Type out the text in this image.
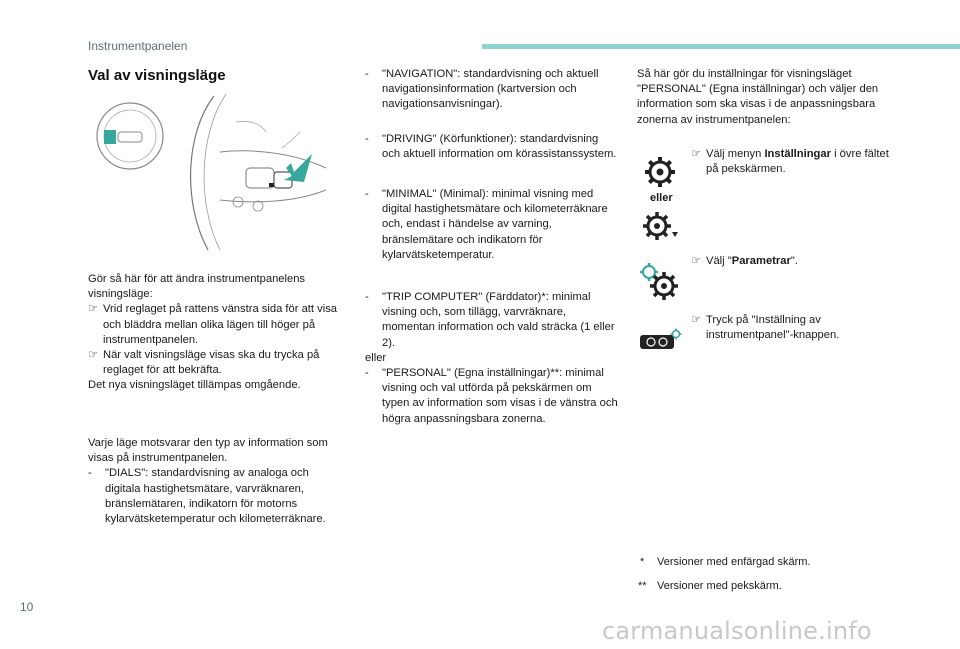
Instrumentpanelen
Val av visningsläge

Gör så här för att ändra instrumentpanelens visningsläge:

☞ Vrid reglaget på rattens vänstra sida för att visa och bläddra mellan olika lägen till höger på instrumentpanelen.

☞ När valt visningsläge visas ska du trycka på reglaget för att bekräfta.

Det nya visningsläget tillämpas omgående.

Varje läge motsvarar den typ av information som visas på instrumentpanelen.

- "DIALS": standardvisning av analoga och digitala hastighetsmätare, varvräknaren, bränslemätaren, indikatorn för motorns kylarvätsketemperatur och kilometerräknare.

- "NAVIGATION": standardvisning och aktuell navigationsinformation (kartversion och navigationsanvisningar).

- "DRIVING" (Körfunktioner): standardvisning och aktuell information om körassistanssystem.

- "MINIMAL" (Minimal): minimal visning med digital hastighetsmätare och kilometerräknare och, endast i händelse av varning, bränslemätare och indikatorn för kylarvätsketemperatur.

- "TRIP COMPUTER" (Färddator)*: minimal visning och, som tillägg, varvräknare, momentan information och vald sträcka (1 eller 2).

eller

- "PERSONAL" (Egna inställningar)**: minimal visning och val utförda på pekskärmen om typen av information som visas i de vänstra och högra anpassningsbara zonerna.

Så här gör du inställningar för visningsläget "PERSONAL" (Egna inställningar) och väljer den information som ska visas i de anpassningsbara zonerna av instrumentpanelen:

☞ Välj menyn Inställningar i övre fältet på pekskärmen.

eller

☞ Välj "Parametrar".

☞ Tryck på "Inställning av instrumentpanel"-knappen.

* Versioner med enfärgad skärm.
** Versioner med pekskärm.
10
carmanualsonline.info
